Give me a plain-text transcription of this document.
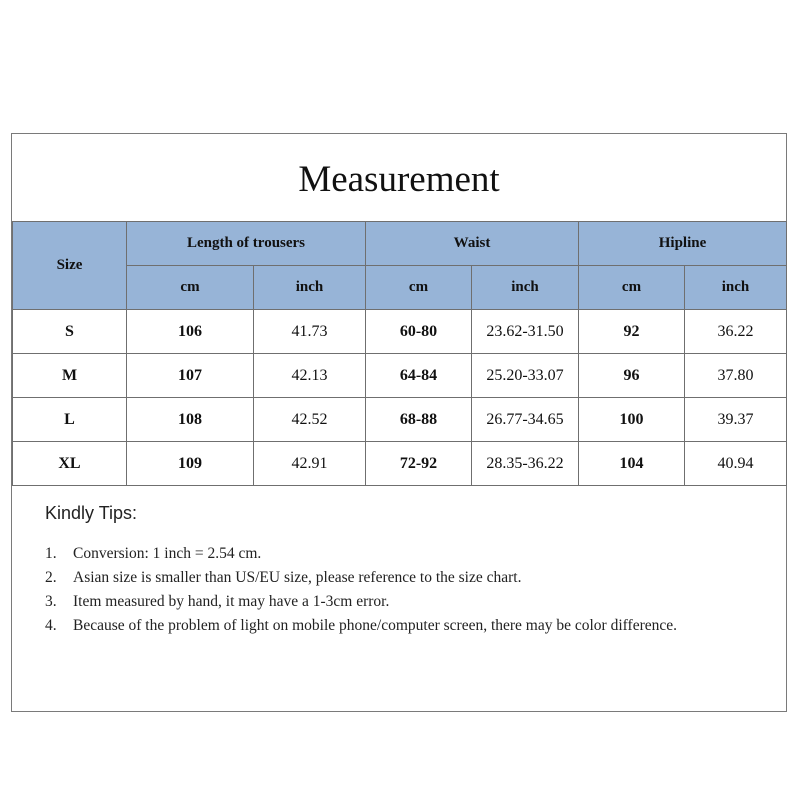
Measurement
Size	Length of trousers		Waist		Hipline	
	cm	inch	cm	inch	cm	inch
S	106	41.73	60-80	23.62-31.50	92	36.22
M	107	42.13	64-84	25.20-33.07	96	37.80
L	108	42.52	68-88	26.77-34.65	100	39.37
XL	109	42.91	72-92	28.35-36.22	104	40.94
Kindly Tips:
1. Conversion: 1 inch = 2.54 cm.
2. Asian size is smaller than US/EU size, please reference to the size chart.
3. Item measured by hand, it may have a 1-3cm error.
4. Because of the problem of light on mobile phone/computer screen, there may be color difference.
